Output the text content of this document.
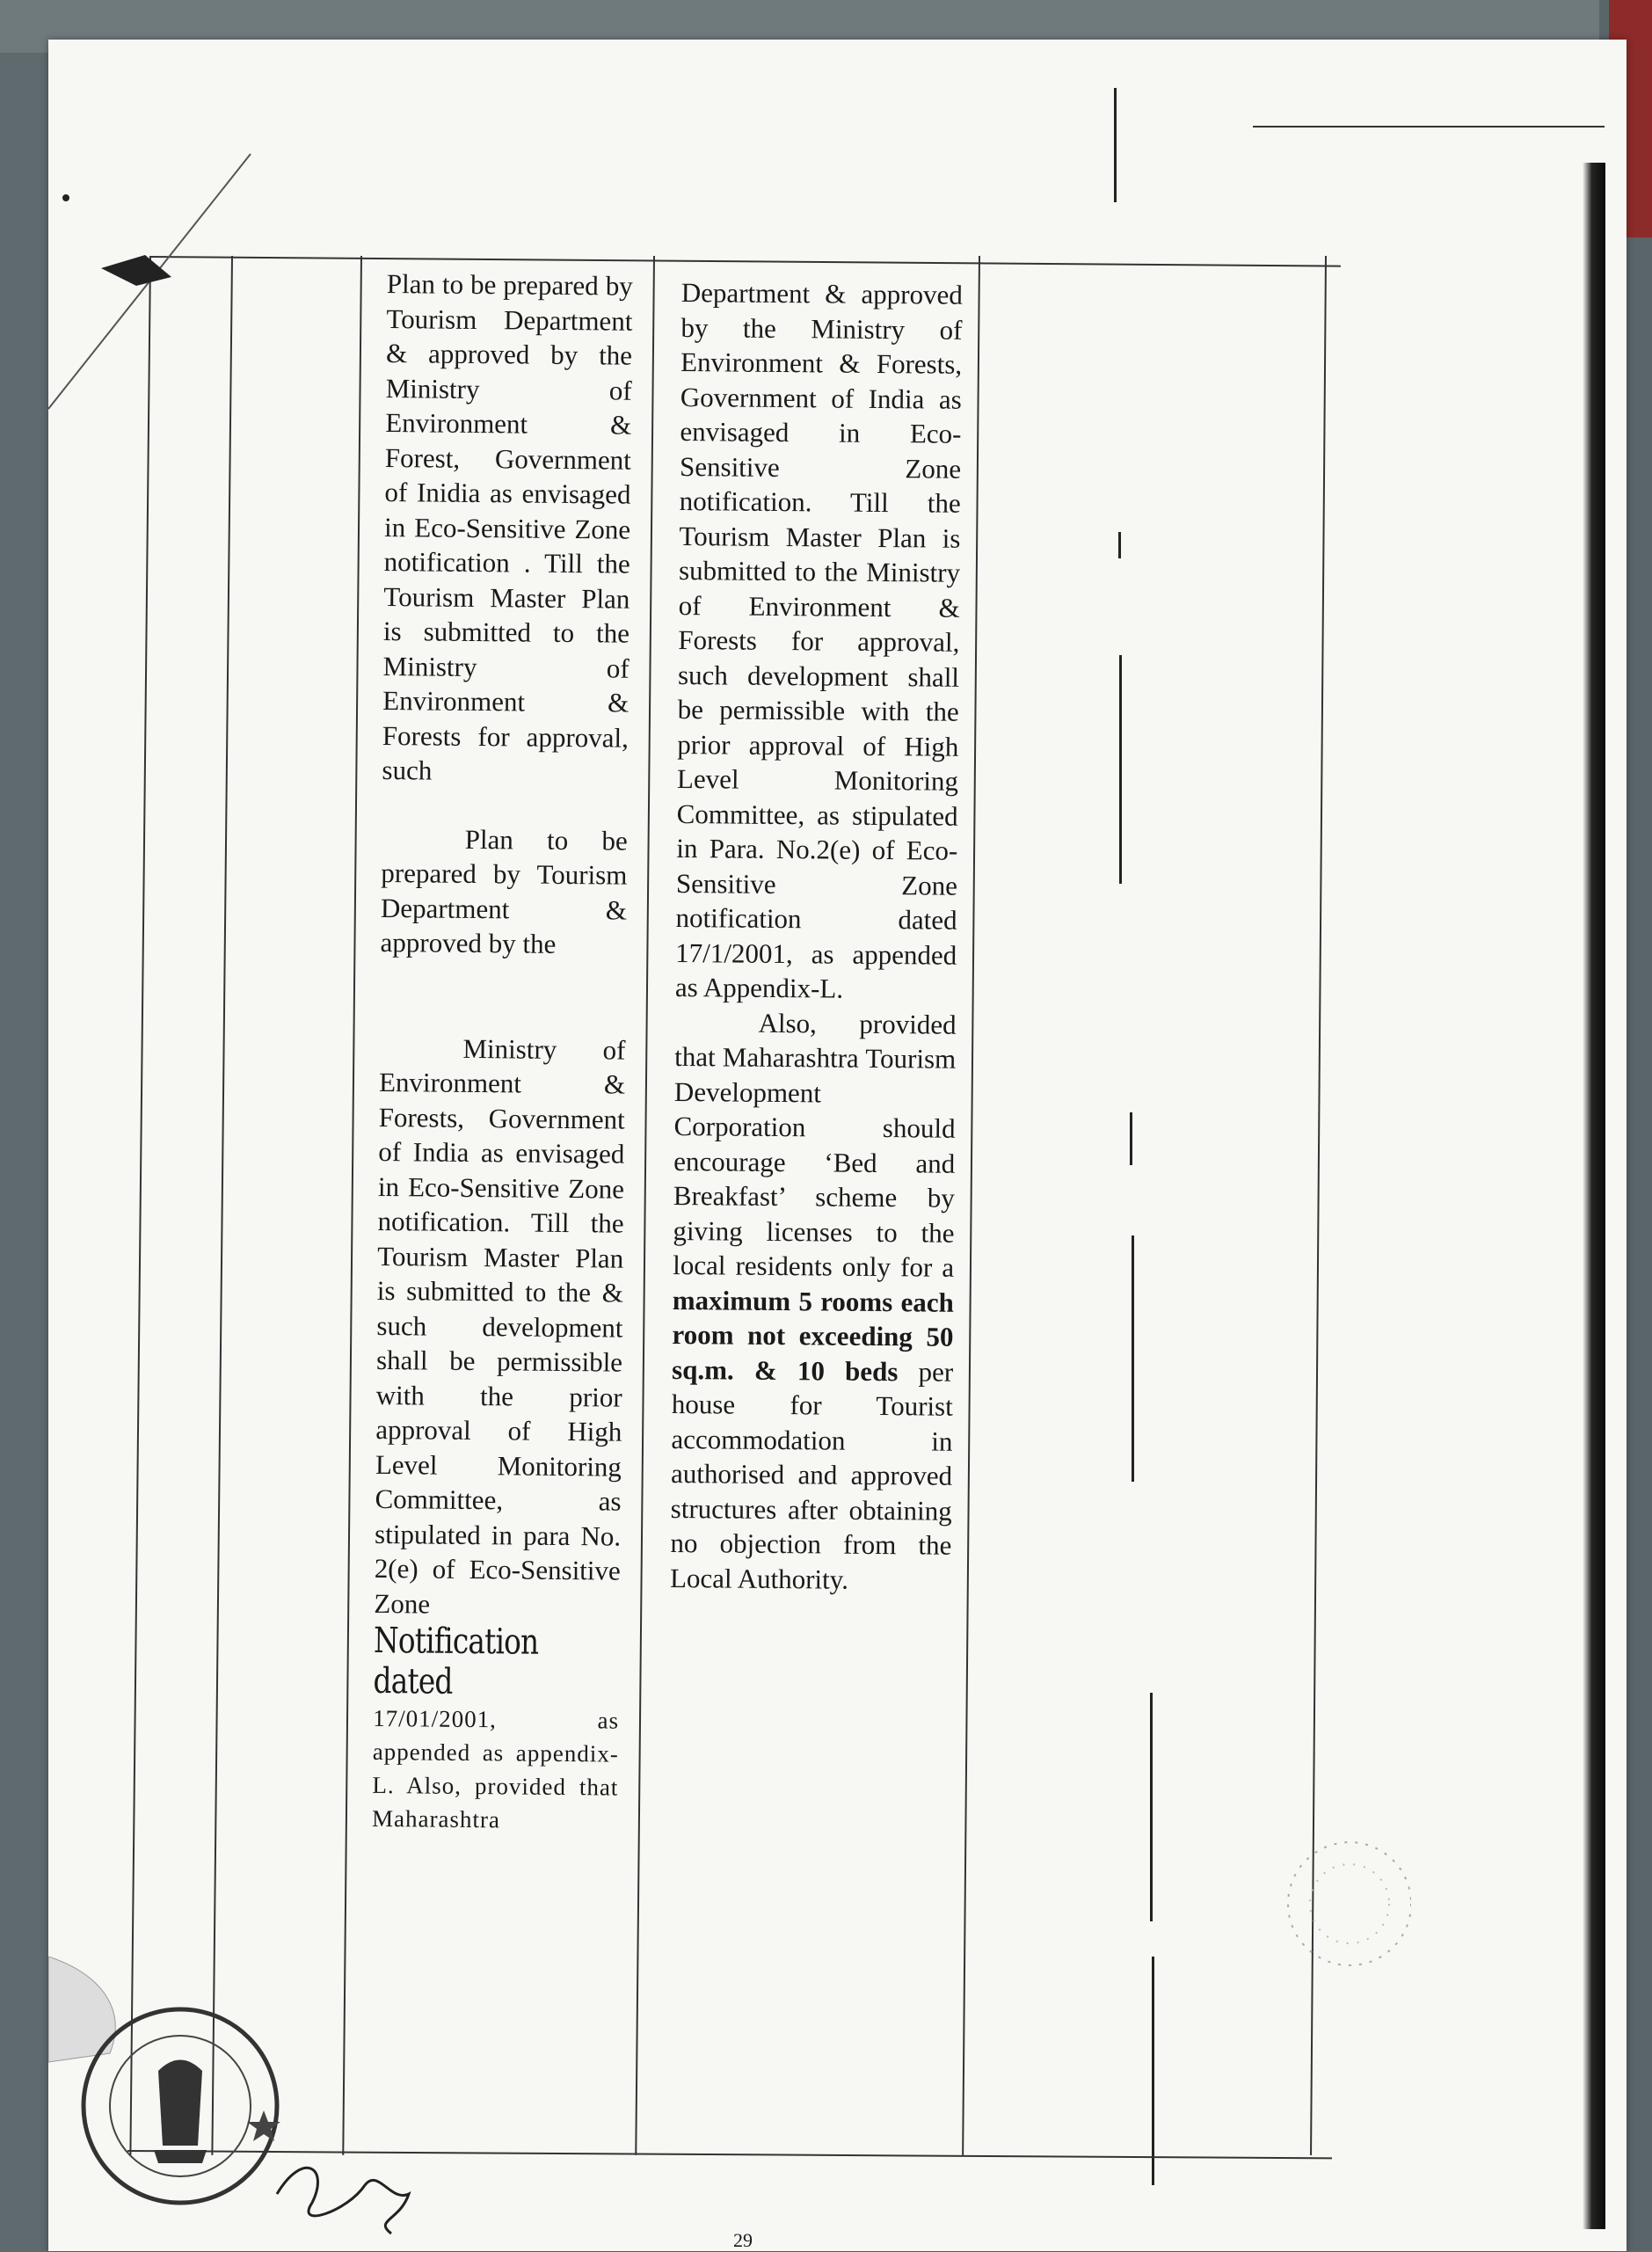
Plan to be prepared by Tourism Department & approved by the Ministry of Environment & Forest, Government of Inidia as envisaged in Eco-Sensitive Zone notification . Till the Tourism Master Plan is submitted to the Ministry of Environment & Forests for approval, such

Plan to be prepared by Tourism Department & approved by the

Ministry of Environment & Forests, Government of India as envisaged in Eco-Sensitive Zone notification. Till the Tourism Master Plan is submitted to the & such development shall be permissible with the prior approval of High Level Monitoring Committee, as stipulated in para No. 2(e) of Eco-Sensitive Zone

Notification dated

17/01/2001, as appended as appendix-L. Also, provided that Maharashtra

Department & approved by the Ministry of Environment & Forests, Government of India as envisaged in Eco-Sensitive Zone notification. Till the Tourism Master Plan is submitted to the Ministry of Environment & Forests for approval, such development shall be permissible with the prior approval of High Level Monitoring Committee, as stipulated in Para. No.2(e) of Eco-Sensitive Zone notification dated 17/1/2001, as appended as Appendix-L.

Also, provided that Maharashtra Tourism Development Corporation should encourage ‘Bed and Breakfast’ scheme by giving licenses to the local residents only for a maximum 5 rooms each room not exceeding 50 sq.m. & 10 beds per house for Tourist accommodation in authorised and approved structures after obtaining no objection from the Local Authority.

29
